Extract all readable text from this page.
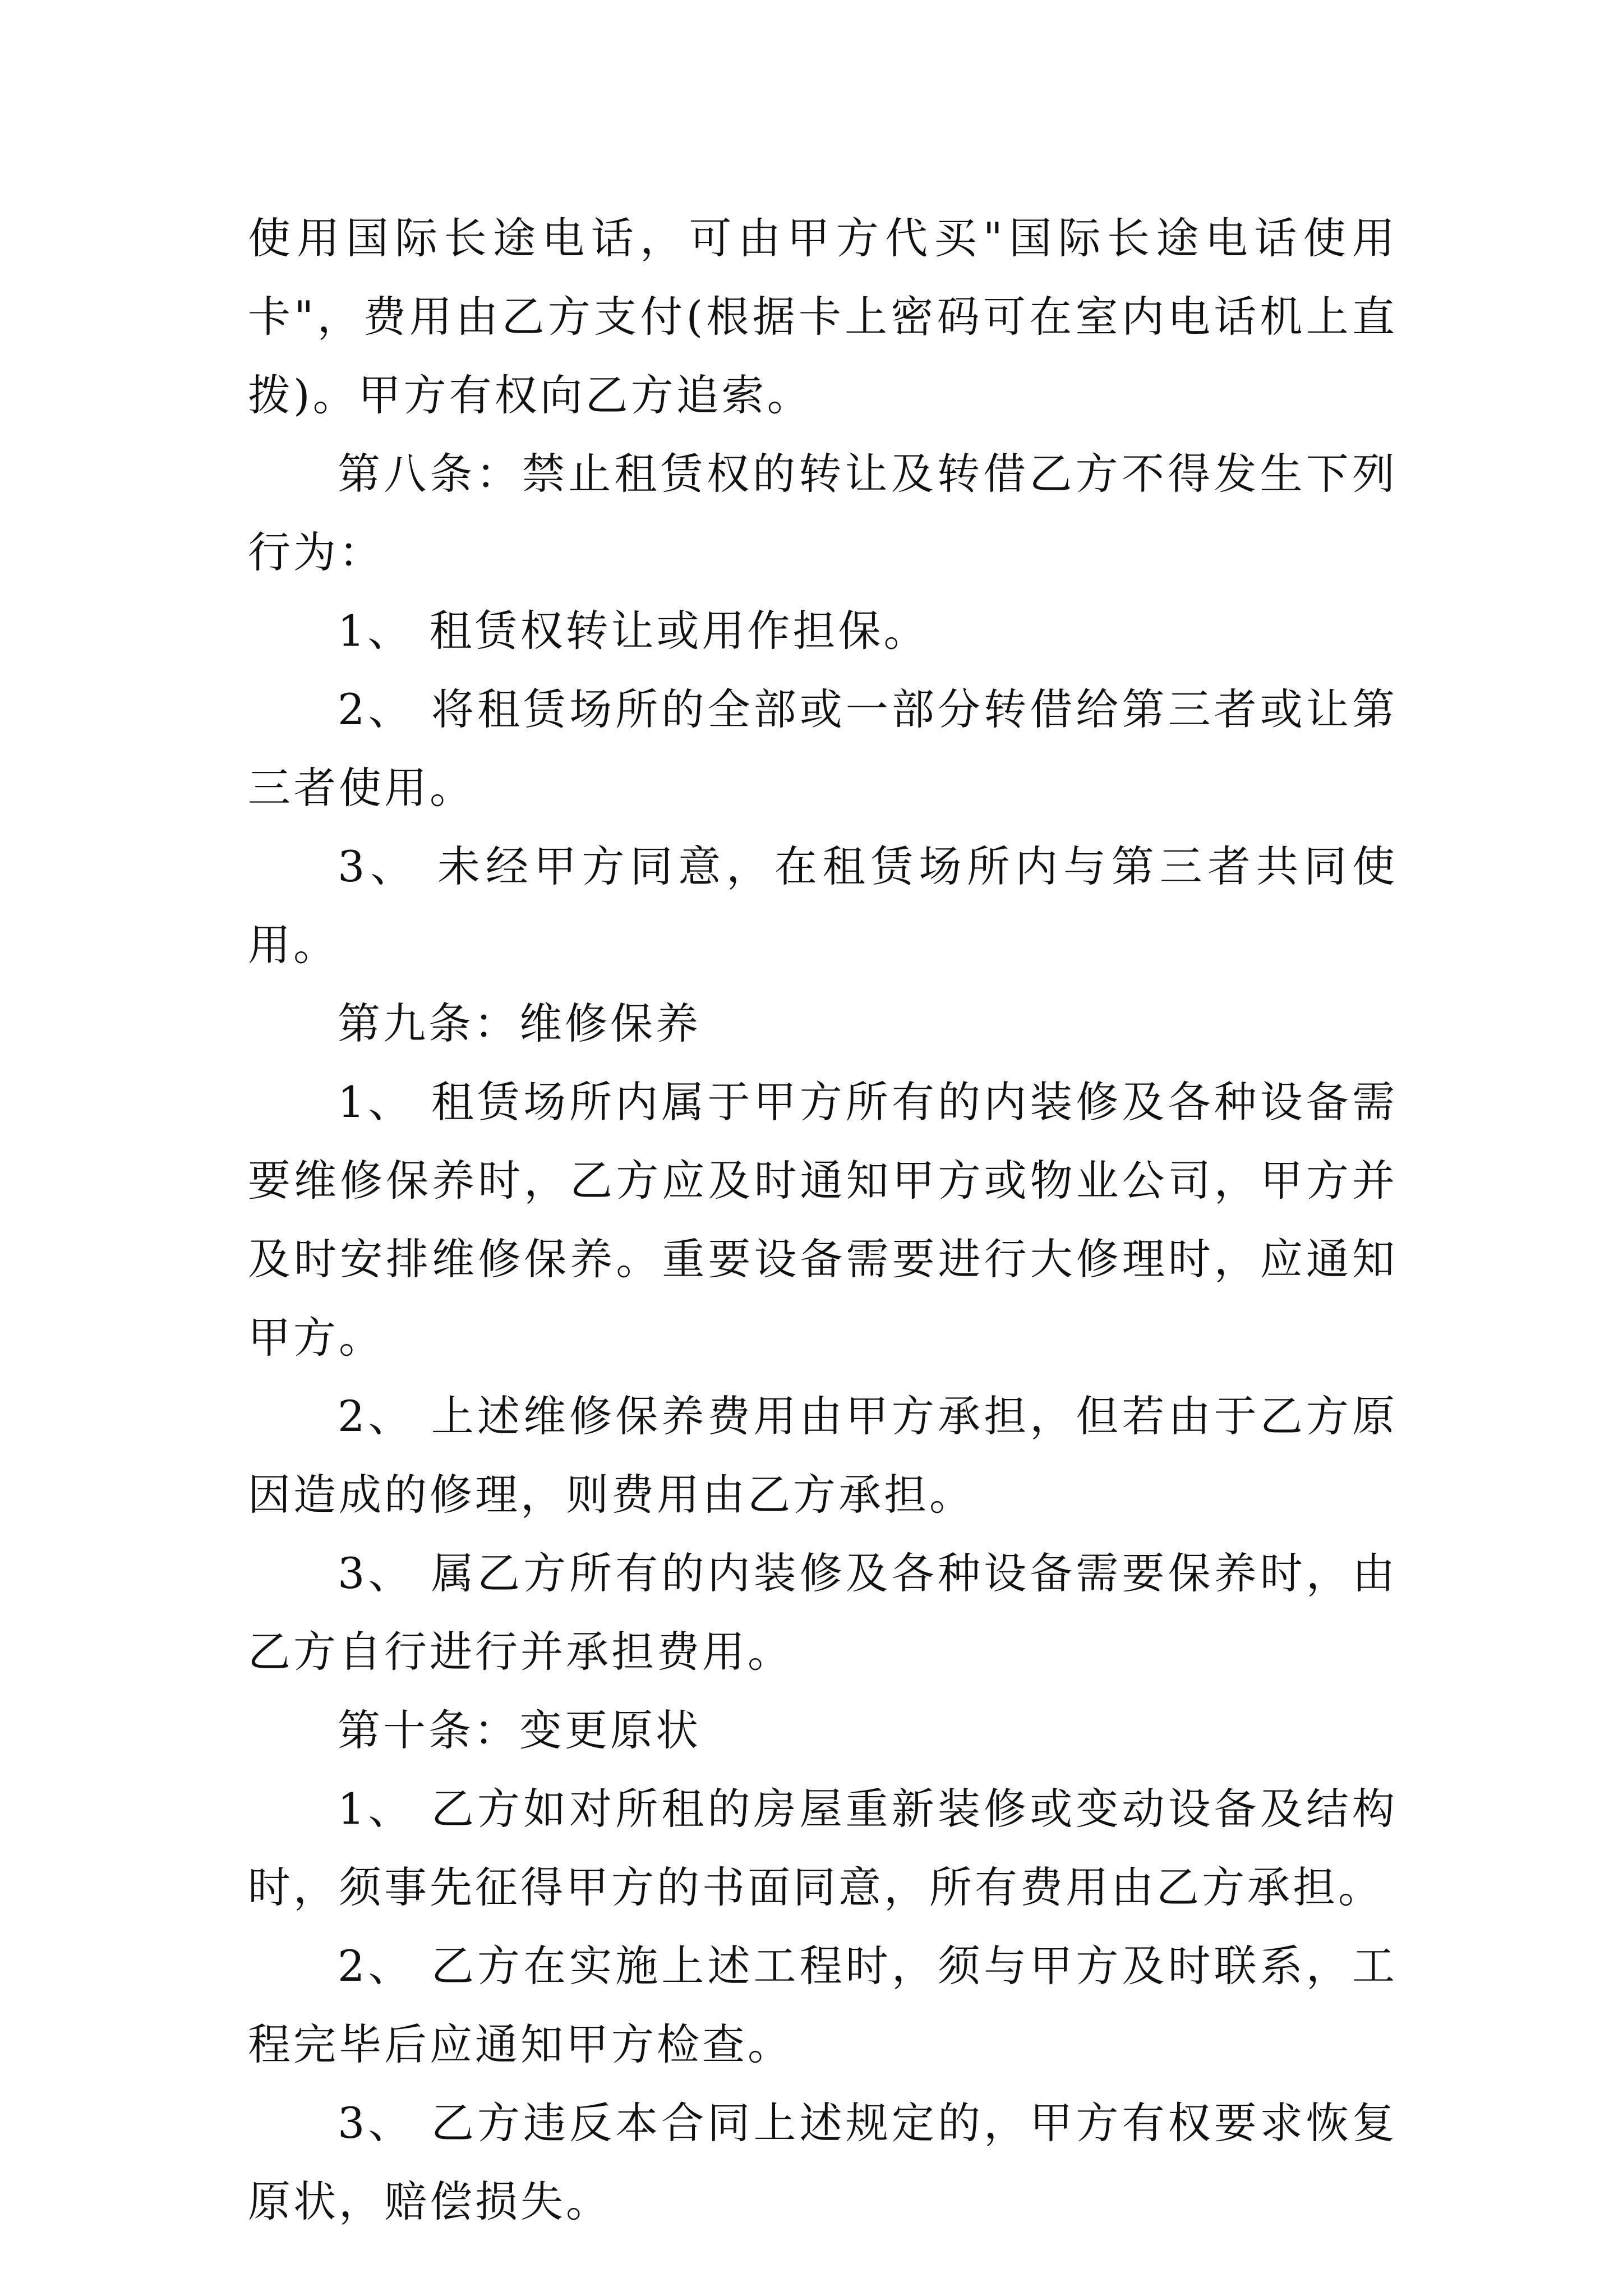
使用国际长途电话，可由甲方代买"国际长途电话使用卡"，费用由乙方支付(根据卡上密码可在室内电话机上直拨)。甲方有权向乙方追索。

第八条：禁止租赁权的转让及转借乙方不得发生下列行为：

1、 租赁权转让或用作担保。

2、 将租赁场所的全部或一部分转借给第三者或让第三者使用。

3、 未经甲方同意，在租赁场所内与第三者共同使用。

第九条：维修保养

1、 租赁场所内属于甲方所有的内装修及各种设备需要维修保养时，乙方应及时通知甲方或物业公司，甲方并及时安排维修保养。重要设备需要进行大修理时，应通知甲方。

2、 上述维修保养费用由甲方承担，但若由于乙方原因造成的修理，则费用由乙方承担。

3、 属乙方所有的内装修及各种设备需要保养时，由乙方自行进行并承担费用。

第十条：变更原状

1、 乙方如对所租的房屋重新装修或变动设备及结构时，须事先征得甲方的书面同意，所有费用由乙方承担。

2、 乙方在实施上述工程时，须与甲方及时联系，工程完毕后应通知甲方检查。

3、 乙方违反本合同上述规定的，甲方有权要求恢复原状，赔偿损失。
